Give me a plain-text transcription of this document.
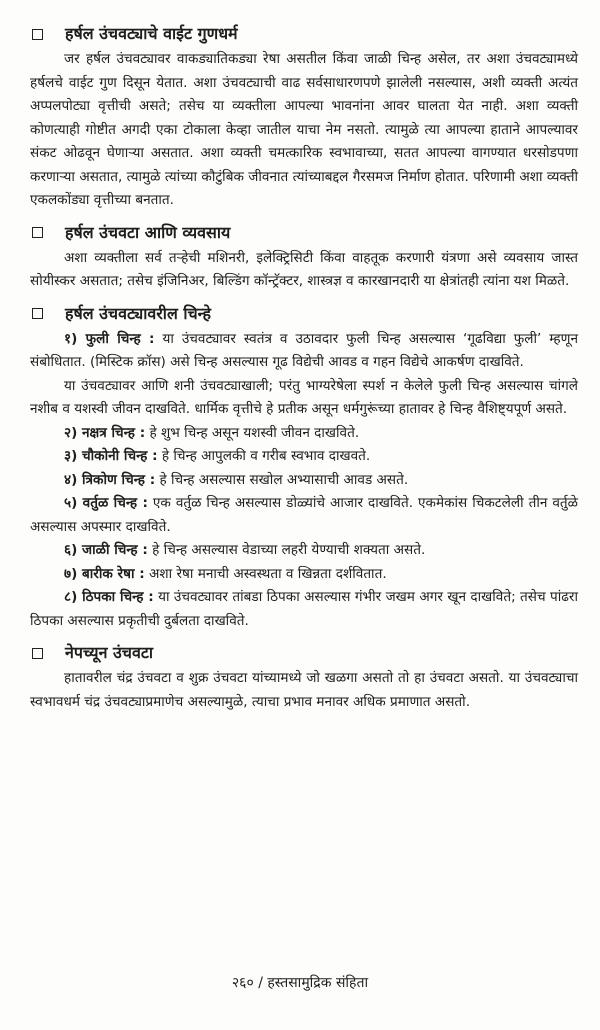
हर्षल उंचवट्याचे वाईट गुणधर्म

जर हर्षल उंचवट्यावर वाकड्यातिकड्या रेषा असतील किंवा जाळी चिन्ह असेल, तर अशा उंचवट्यामध्ये हर्षलचे वाईट गुण दिसून येतात. अशा उंचवट्याची वाढ सर्वसाधारणपणे झालेली नसल्यास, अशी व्यक्ती अत्यंत अप्पलपोट्या वृत्तीची असते; तसेच या व्यक्तीला आपल्या भावनांना आवर घालता येत नाही. अशा व्यक्ती कोणत्याही गोष्टीत अगदी एका टोकाला केव्हा जातील याचा नेम नसतो. त्यामुळे त्या आपल्या हाताने आपल्यावर संकट ओढवून घेणाऱ्या असतात. अशा व्यक्ती चमत्कारिक स्वभावाच्या, सतत आपल्या वागण्यात धरसोडपणा करणाऱ्या असतात, त्यामुळे त्यांच्या कौटुंबिक जीवनात त्यांच्याबद्दल गैरसमज निर्माण होतात. परिणामी अशा व्यक्ती एकलकोंड्या वृत्तीच्या बनतात.

हर्षल उंचवटा आणि व्यवसाय

अशा व्यक्तीला सर्व तऱ्हेची मशिनरी, इलेक्ट्रिसिटी किंवा वाहतूक करणारी यंत्रणा असे व्यवसाय जास्त सोयीस्कर असतात; तसेच इंजिनिअर, बिल्डिंग कॉन्ट्रॅक्टर, शास्त्रज्ञ व कारखानदारी या क्षेत्रांतही त्यांना यश मिळते.

हर्षल उंचवट्यावरील चिन्हे

१) फुली चिन्ह : या उंचवट्यावर स्वतंत्र व उठावदार फुली चिन्ह असल्यास ‘गूढविद्या फुली’ म्हणून संबोधितात. (मिस्टिक क्रॉस) असे चिन्ह असल्यास गूढ विद्येची आवड व गहन विद्येचे आकर्षण दाखविते.

या उंचवट्यावर आणि शनी उंचवट्याखाली; परंतु भाग्यरेषेला स्पर्श न केलेले फुली चिन्ह असल्यास चांगले नशीब व यशस्वी जीवन दाखविते. धार्मिक वृत्तीचे हे प्रतीक असून धर्मगुरूंच्या हातावर हे चिन्ह वैशिष्ट्यपूर्ण असते.

२) नक्षत्र चिन्ह : हे शुभ चिन्ह असून यशस्वी जीवन दाखविते.

३) चौकोनी चिन्ह : हे चिन्ह आपुलकी व गरीब स्वभाव दाखवते.

४) त्रिकोण चिन्ह : हे चिन्ह असल्यास सखोल अभ्यासाची आवड असते.

५) वर्तुळ चिन्ह : एक वर्तुळ चिन्ह असल्यास डोळ्यांचे आजार दाखविते. एकमेकांस चिकटलेली तीन वर्तुळे असल्यास अपस्मार दाखविते.

६) जाळी चिन्ह : हे चिन्ह असल्यास वेडाच्या लहरी येण्याची शक्यता असते.

७) बारीक रेषा : अशा रेषा मनाची अस्वस्थता व खिन्नता दर्शवितात.

८) ठिपका चिन्ह : या उंचवट्यावर तांबडा ठिपका असल्यास गंभीर जखम अगर खून दाखविते; तसेच पांढरा ठिपका असल्यास प्रकृतीची दुर्बलता दाखविते.

नेपच्यून उंचवटा

हातावरील चंद्र उंचवटा व शुक्र उंचवटा यांच्यामध्ये जो खळगा असतो तो हा उंचवटा असतो. या उंचवट्याचा स्वभावधर्म चंद्र उंचवट्याप्रमाणेच असल्यामुळे, त्याचा प्रभाव मनावर अधिक प्रमाणात असतो.

२६० / हस्तसामुद्रिक संहिता
